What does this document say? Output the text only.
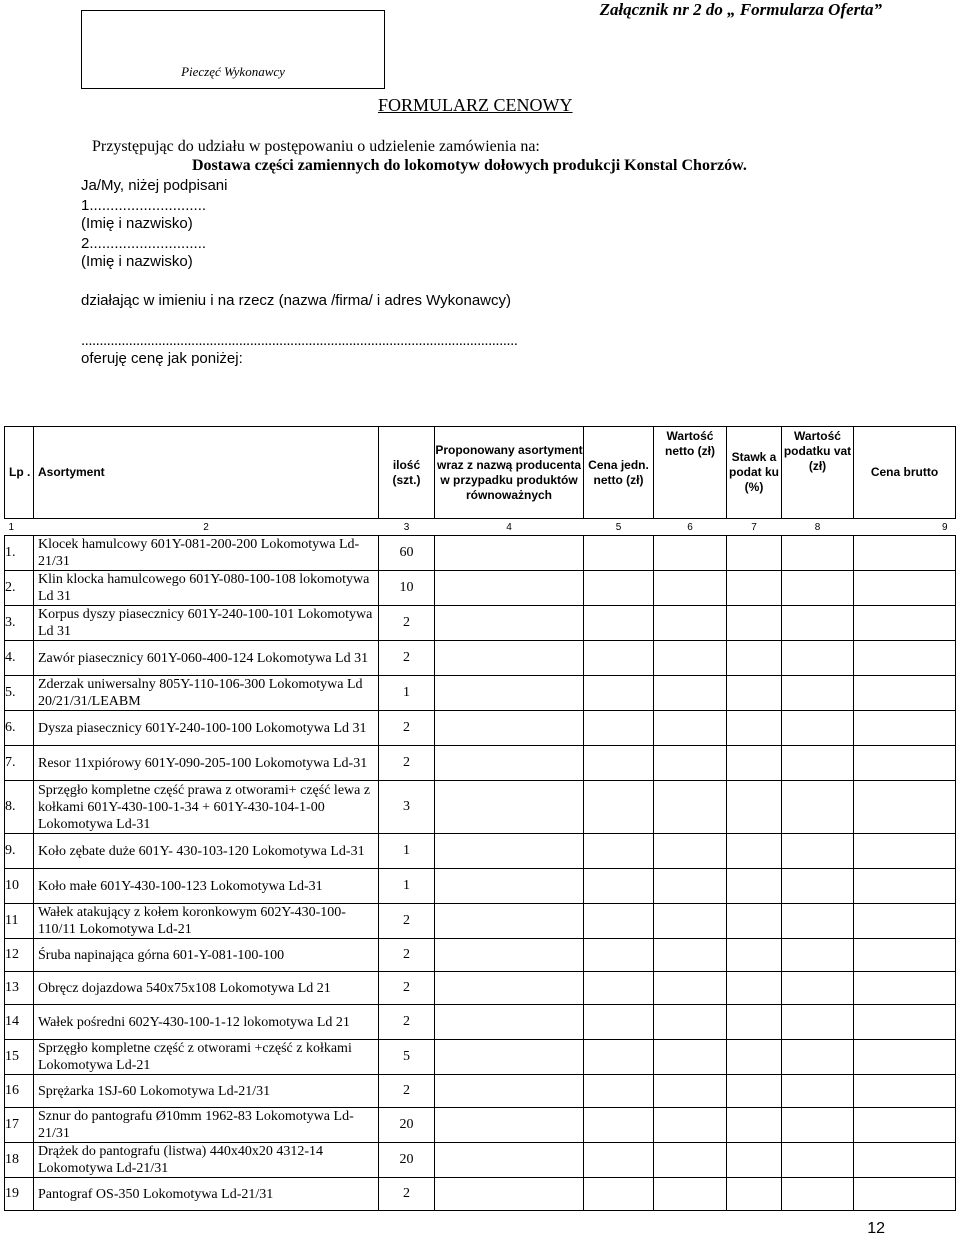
Załącznik nr 2 do „ Formularza Oferta”
Pieczęć Wykonawcy
FORMULARZ CENOWY
Przystępując do udziału w postępowaniu o udzielenie zamówienia na:
Dostawa części zamiennych do lokomotyw dołowych produkcji Konstal Chorzów.
Ja/My, niżej podpisani
1............................
(Imię i nazwisko)
2............................
(Imię i nazwisko)
działając w imieniu i na rzecz (nazwa /firma/ i adres Wykonawcy)
.......................................................................................................................
oferuję cenę jak poniżej:
Lp .	Asortyment	ilość (szt.)	Proponowany asortyment wraz z nazwą producenta w przypadku produktów równoważnych	Cena jedn. netto (zł)	Wartość netto (zł)	Stawk a podat ku (%)	Wartość podatku vat (zł)	Cena brutto
1	2	3	4	5	6	7	8	9
1.	Klocek hamulcowy 601Y-081-200-200 Lokomotywa Ld-21/31	60						
2.	Klin klocka hamulcowego 601Y-080-100-108 lokomotywa Ld 31	10						
3.	Korpus dyszy piasecznicy 601Y-240-100-101 Lokomotywa Ld 31	2						
4.	Zawór piasecznicy 601Y-060-400-124 Lokomotywa Ld 31	2						
5.	Zderzak uniwersalny 805Y-110-106-300 Lokomotywa Ld 20/21/31/LEABM	1						
6.	Dysza piasecznicy 601Y-240-100-100 Lokomotywa Ld 31	2						
7.	Resor 11xpiórowy 601Y-090-205-100 Lokomotywa Ld-31	2						
8.	Sprzęgło kompletne część prawa z otworami+ część lewa z kołkami 601Y-430-100-1-34 + 601Y-430-104-1-00 Lokomotywa Ld-31	3						
9.	Koło zębate duże 601Y- 430-103-120 Lokomotywa Ld-31	1						
10	Koło małe 601Y-430-100-123 Lokomotywa Ld-31	1						
11	Wałek atakujący z kołem koronkowym 602Y-430-100-110/11 Lokomotywa Ld-21	2						
12	Śruba napinająca górna 601-Y-081-100-100	2						
13	Obręcz dojazdowa 540x75x108 Lokomotywa Ld 21	2						
14	Wałek pośredni 602Y-430-100-1-12 lokomotywa Ld 21	2						
15	Sprzęgło kompletne część z otworami +część z kołkami Lokomotywa Ld-21	5						
16	Sprężarka 1SJ-60 Lokomotywa Ld-21/31	2						
17	Sznur do pantografu Ø10mm 1962-83 Lokomotywa Ld-21/31	20						
18	Drążek do pantografu (listwa) 440x40x20 4312-14 Lokomotywa Ld-21/31	20						
19	Pantograf OS-350 Lokomotywa Ld-21/31	2						
12
